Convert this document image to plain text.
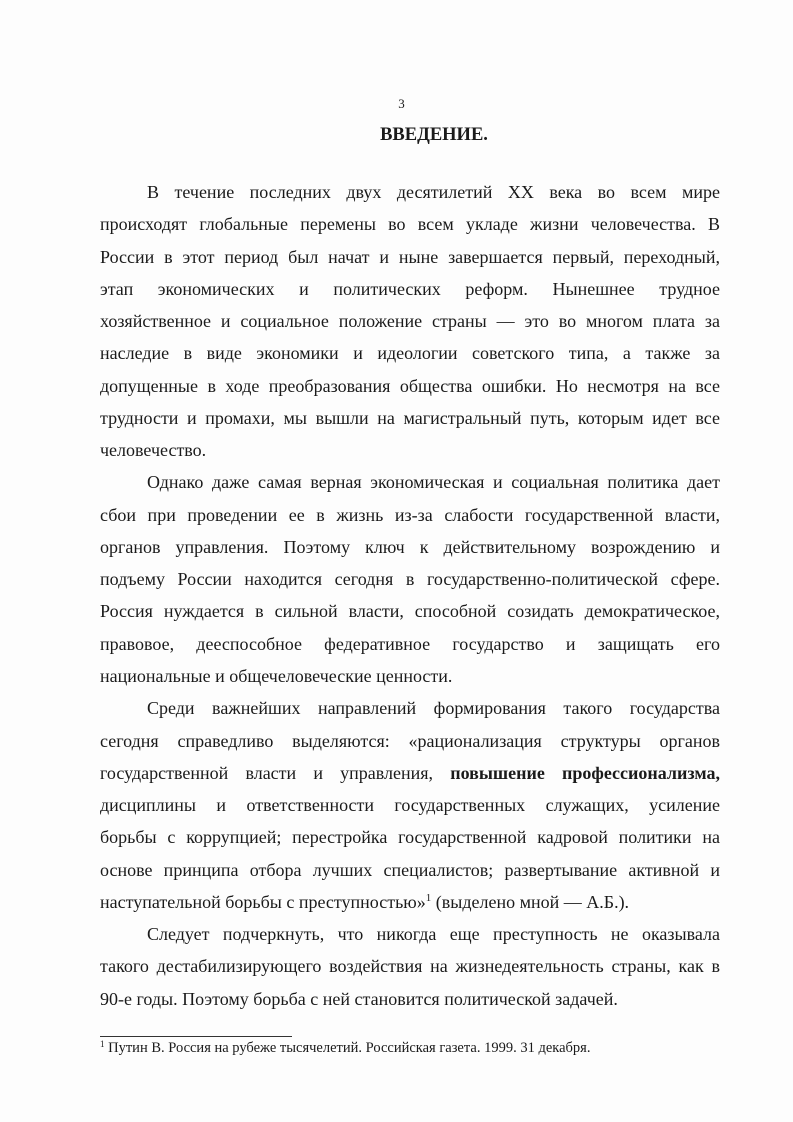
3
ВВЕДЕНИЕ.
В течение последних двух десятилетий XX века во всем мире
происходят глобальные перемены во всем укладе жизни человечества. В
России в этот период был начат и ныне завершается первый, переходный,
этап экономических и политических реформ. Нынешнее трудное
хозяйственное и социальное положение страны — это во многом плата за
наследие в виде экономики и идеологии советского типа, а также за
допущенные в ходе преобразования общества ошибки. Но несмотря на все
трудности и промахи, мы вышли на магистральный путь, которым идет все
человечество.
Однако даже самая верная экономическая и социальная политика дает
сбои при проведении ее в жизнь из-за слабости государственной власти,
органов управления. Поэтому ключ к действительному возрождению и
подъему России находится сегодня в государственно-политической сфере.
Россия нуждается в сильной власти, способной созидать демократическое,
правовое, дееспособное федеративное государство и защищать его
национальные и общечеловеческие ценности.
Среди важнейших направлений формирования такого государства
сегодня справедливо выделяются: «рационализация структуры органов
государственной власти и управления, повышение профессионализма,
дисциплины и ответственности государственных служащих, усиление
борьбы с коррупцией; перестройка государственной кадровой политики на
основе принципа отбора лучших специалистов; развертывание активной и
наступательной борьбы с преступностью»$^1$ (выделено мной — А.Б.).
Следует подчеркнуть, что никогда еще преступность не оказывала
такого дестабилизирующего воздействия на жизнедеятельность страны, как в
90-е годы. Поэтому борьба с ней становится политической задачей.
$^1$ Путин В. Россия на рубеже тысячелетий. Российская газета. 1999. 31 декабря.
